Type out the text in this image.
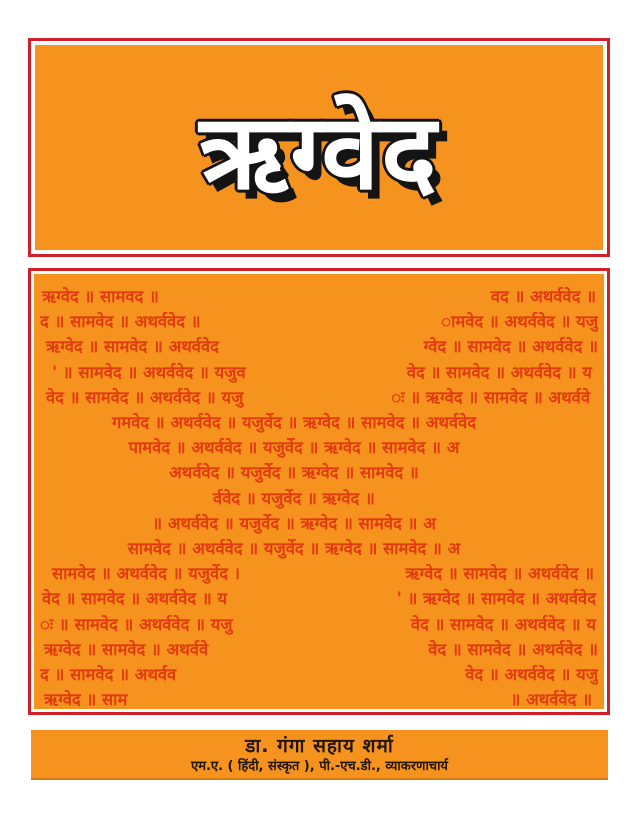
ऋग्वेद
ऋग्वेद ॥ सामवद ॥	वद ॥ अथर्ववेद ॥
द ॥ सामवेद ॥ अथर्ववेद ॥	ामवेद ॥ अथर्ववेद ॥ यजु
ऋग्वेद ॥ सामवेद ॥ अथर्ववेद	ग्वेद ॥ सामवेद ॥ अथर्ववेद ॥
' ॥ सामवेद ॥ अथर्ववेद ॥ यजुव	वेद ॥ सामवेद ॥ अथर्ववेद ॥ य
वेद ॥ सामवेद ॥ अथर्ववेद ॥ यजु	ः ॥ ऋग्वेद ॥ सामवेद ॥ अथर्ववे
गमवेद ॥ अथर्ववेद ॥ यजुर्वेद ॥ ऋग्वेद ॥ सामवेद ॥ अथर्ववेद
पामवेद ॥ अथर्ववेद ॥ यजुर्वेद ॥ ऋग्वेद ॥ सामवेद ॥ अ
अथर्ववेद ॥ यजुर्वेद ॥ ऋग्वेद ॥ सामवेद ॥
र्ववेद ॥ यजुर्वेद ॥ ऋग्वेद ॥
॥ अथर्ववेद ॥ यजुर्वेद ॥ ऋग्वेद ॥ सामवेद ॥ अ
सामवेद ॥ अथर्ववेद ॥ यजुर्वेद ॥ ऋग्वेद ॥ सामवेद ॥ अ
सामवेद ॥ अथर्ववेद ॥ यजुर्वेद ।	ऋग्वेद ॥ सामवेद ॥ अथर्ववेद ॥
वेद ॥ सामवेद ॥ अथर्ववेद ॥ य	' ॥ ऋग्वेद ॥ सामवेद ॥ अथर्ववेद
ः ॥ सामवेद ॥ अथर्ववेद ॥ यजु	वेद ॥ सामवेद ॥ अथर्ववेद ॥ य
ऋग्वेद ॥ सामवेद ॥ अथर्ववे	वेद ॥ सामवेद ॥ अथर्ववेद ॥
द ॥ सामवेद ॥ अथर्वव	वेद ॥ अथर्ववेद ॥ यजु
ऋग्वेद ॥ साम	॥ अथर्ववेद ॥
डा. गंगा सहाय शर्मा
एम.ए. ( हिंदी, संस्कृत ), पी.-एच.डी., व्याकरणाचार्य
